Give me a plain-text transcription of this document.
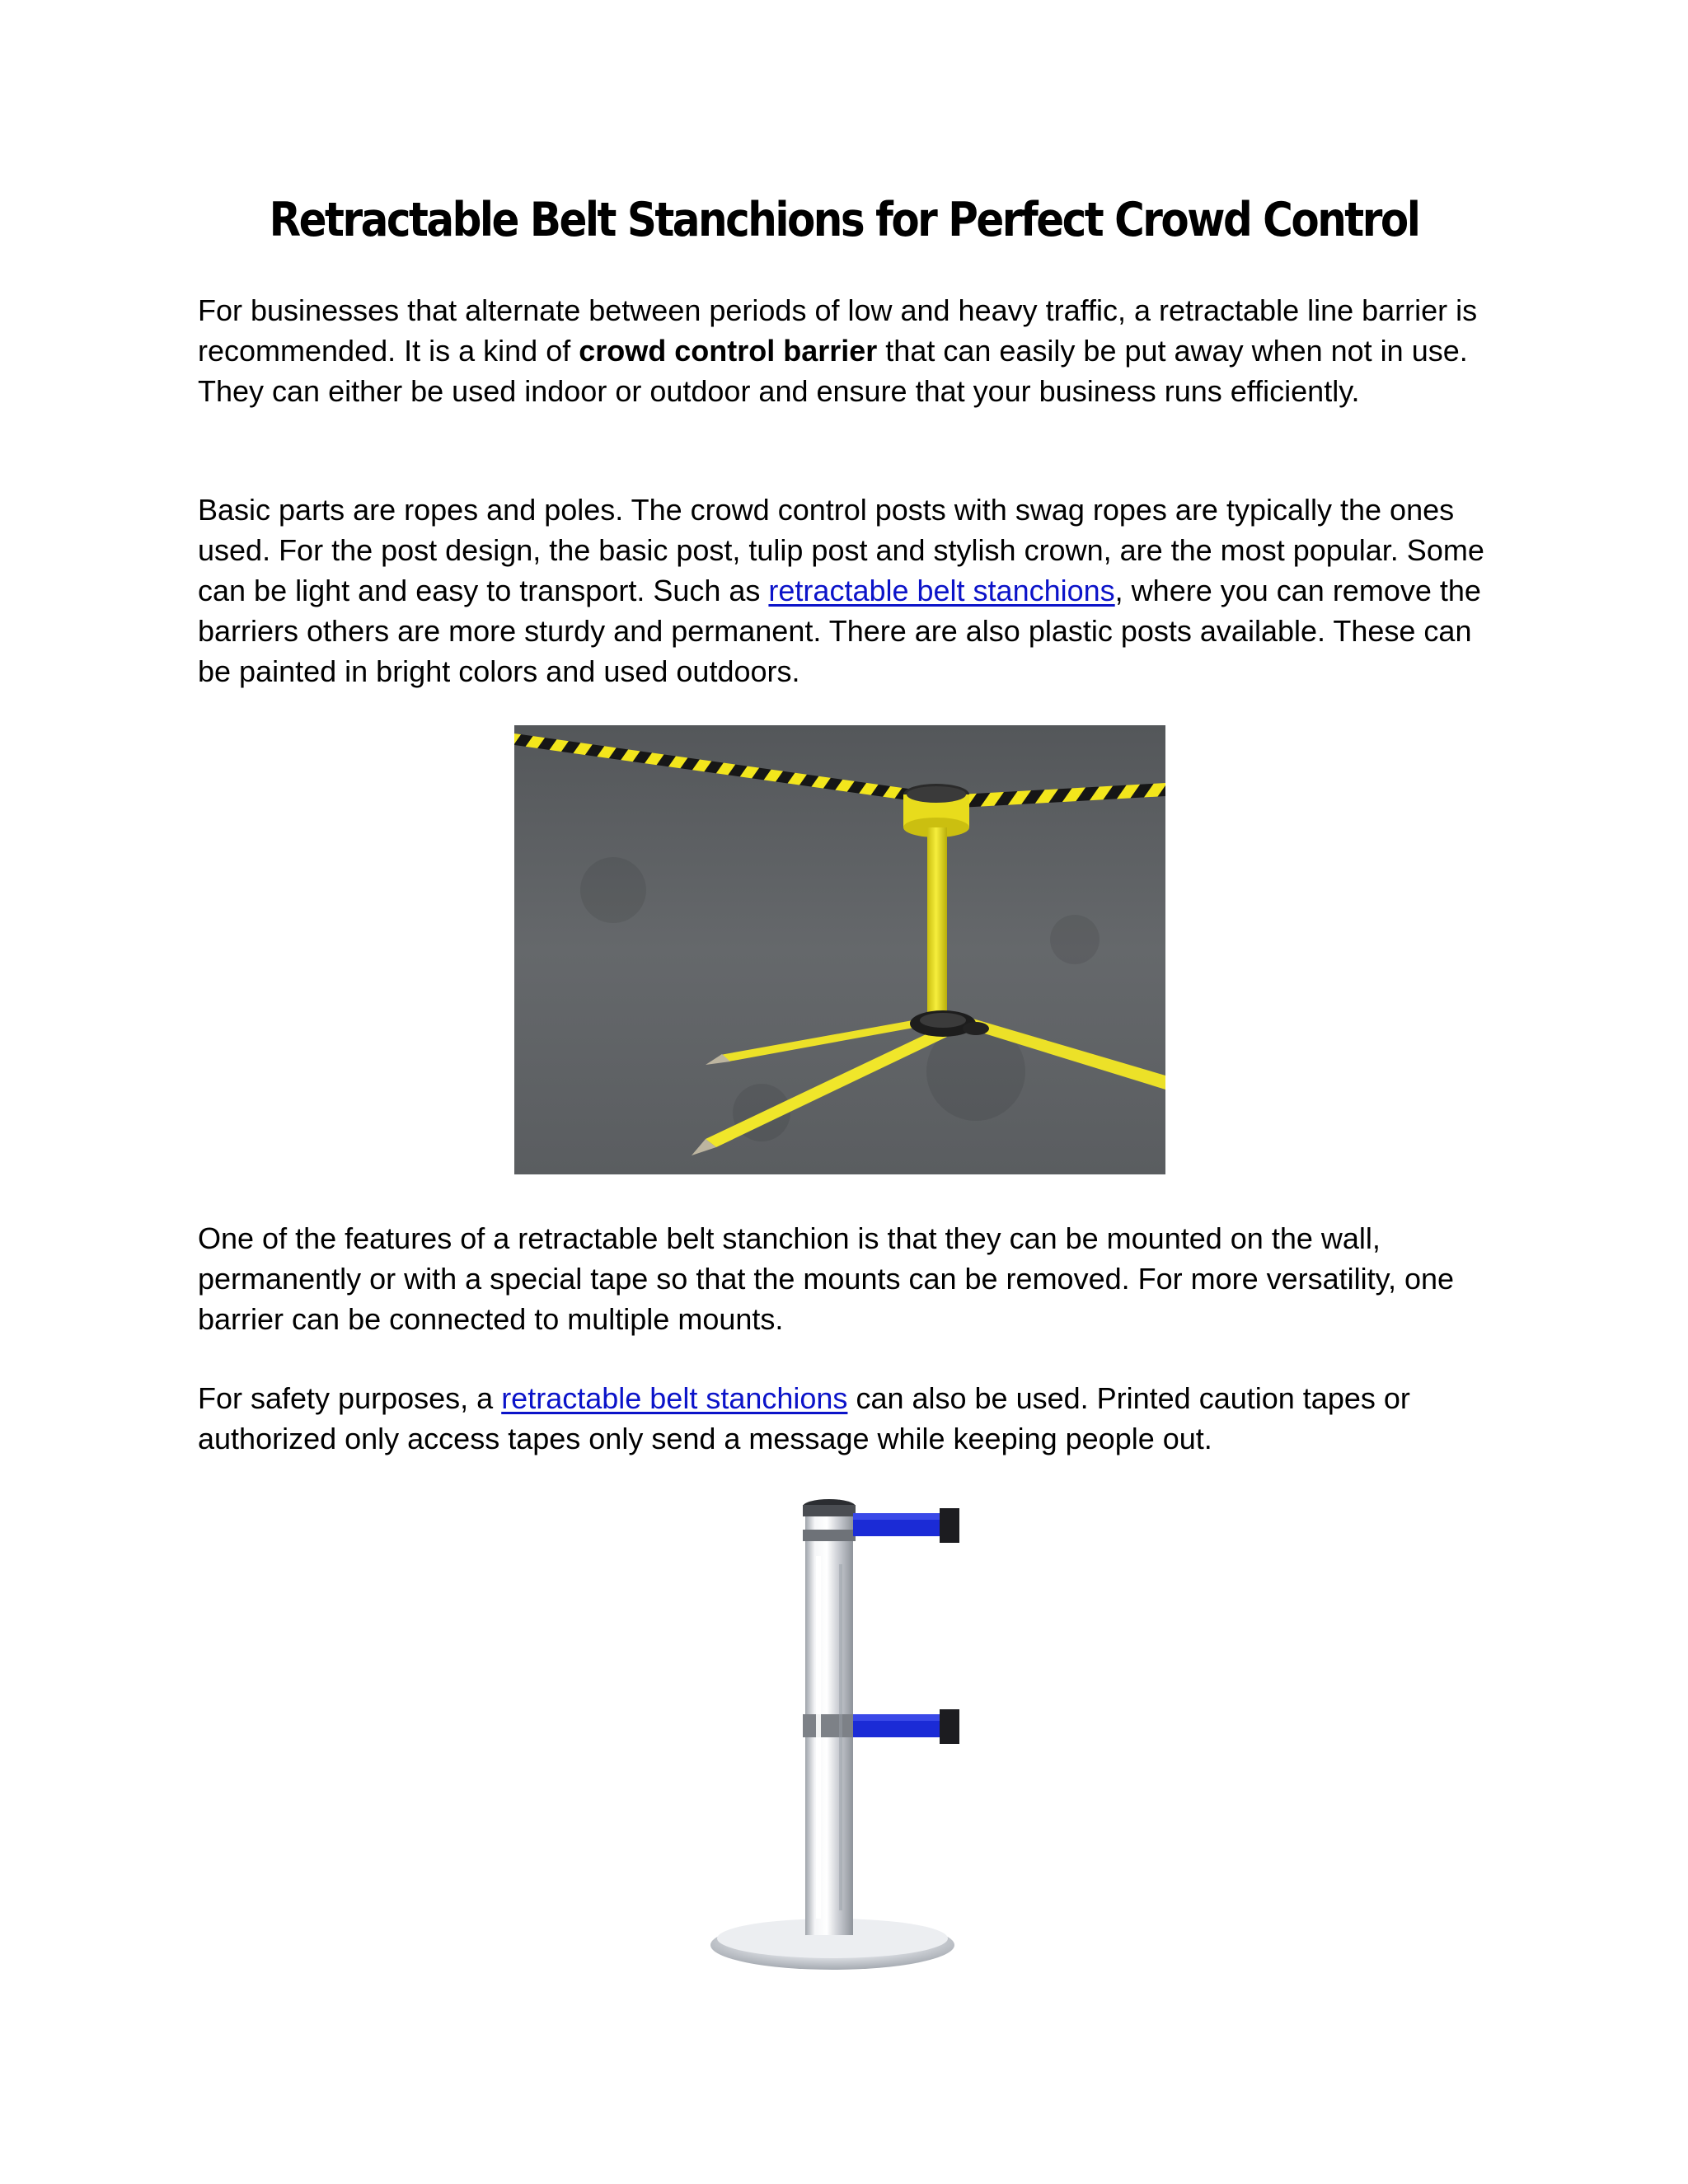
Retractable Belt Stanchions for Perfect Crowd Control

For businesses that alternate between periods of low and heavy traffic, a retractable line barrier is recommended. It is a kind of crowd control barrier that can easily be put away when not in use. They can either be used indoor or outdoor and ensure that your business runs efficiently.

Basic parts are ropes and poles. The crowd control posts with swag ropes are typically the ones used. For the post design, the basic post, tulip post and stylish crown, are the most popular. Some can be light and easy to transport. Such as retractable belt stanchions, where you can remove the barriers others are more sturdy and permanent. There are also plastic posts available. These can be painted in bright colors and used outdoors.

One of the features of a retractable belt stanchion is that they can be mounted on the wall, permanently or with a special tape so that the mounts can be removed. For more versatility, one barrier can be connected to multiple mounts.

For safety purposes, a retractable belt stanchions can also be used. Printed caution tapes or authorized only access tapes only send a message while keeping people out.
